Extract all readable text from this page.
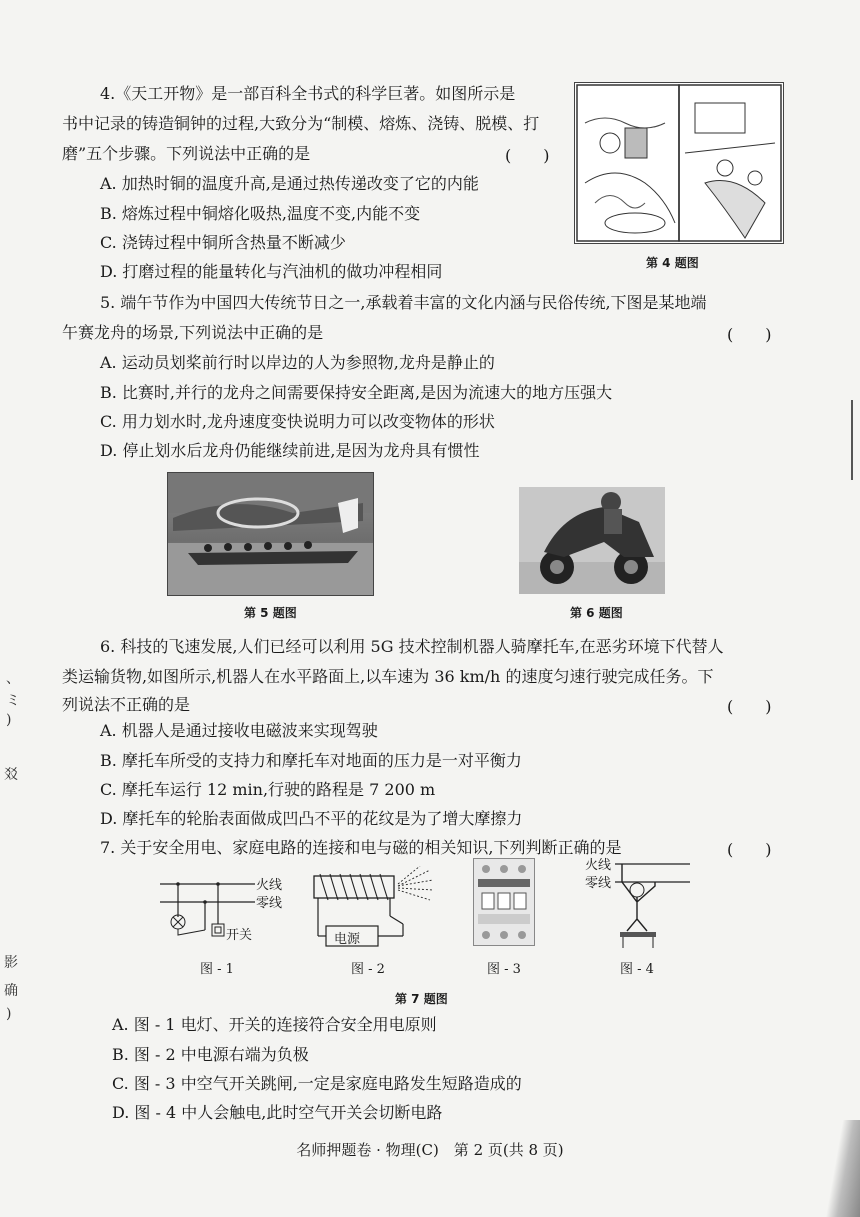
4.《天工开物》是一部百科全书式的科学巨著。如图所示是
书中记录的铸造铜钟的过程,大致分为“制模、熔炼、浇铸、脱模、打
磨”五个步骤。下列说法中正确的是	(　　)
A. 加热时铜的温度升高,是通过热传递改变了它的内能
B. 熔炼过程中铜熔化吸热,温度不变,内能不变
C. 浇铸过程中铜所含热量不断减少
D. 打磨过程的能量转化与汽油机的做功冲程相同	第 4 题图
5. 端午节作为中国四大传统节日之一,承载着丰富的文化内涵与民俗传统,下图是某地端
午赛龙舟的场景,下列说法中正确的是	(　　)
A. 运动员划桨前行时以岸边的人为参照物,龙舟是静止的
B. 比赛时,并行的龙舟之间需要保持安全距离,是因为流速大的地方压强大
C. 用力划水时,龙舟速度变快说明力可以改变物体的形状
D. 停止划水后龙舟仍能继续前进,是因为龙舟具有惯性
第 5 题图	第 6 题图
6. 科技的飞速发展,人们已经可以利用 5G 技术控制机器人骑摩托车,在恶劣环境下代替人
类运输货物,如图所示,机器人在水平路面上,以车速为 36 km/h 的速度匀速行驶完成任务。下
列说法不正确的是	(　　)
A. 机器人是通过接收电磁波来实现驾驶
B. 摩托车所受的支持力和摩托车对地面的压力是一对平衡力
C. 摩托车运行 12 min,行驶的路程是 7 200 m
D. 摩托车的轮胎表面做成凹凸不平的花纹是为了增大摩擦力
7. 关于安全用电、家庭电路的连接和电与磁的相关知识,下列判断正确的是	(　　)
火线
零线
开关	电源
火线
零线
图 - 1	图 - 2	图 - 3	图 - 4
第 7 题图
A. 图 - 1 电灯、开关的连接符合安全用电原则
B. 图 - 2 中电源右端为负极
C. 图 - 3 中空气开关跳闸,一定是家庭电路发生短路造成的
D. 图 - 4 中人会触电,此时空气开关会切断电路
名师押题卷 · 物理(C)　第 2 页(共 8 页)
、
ミ
)
㸚
影
确
)
